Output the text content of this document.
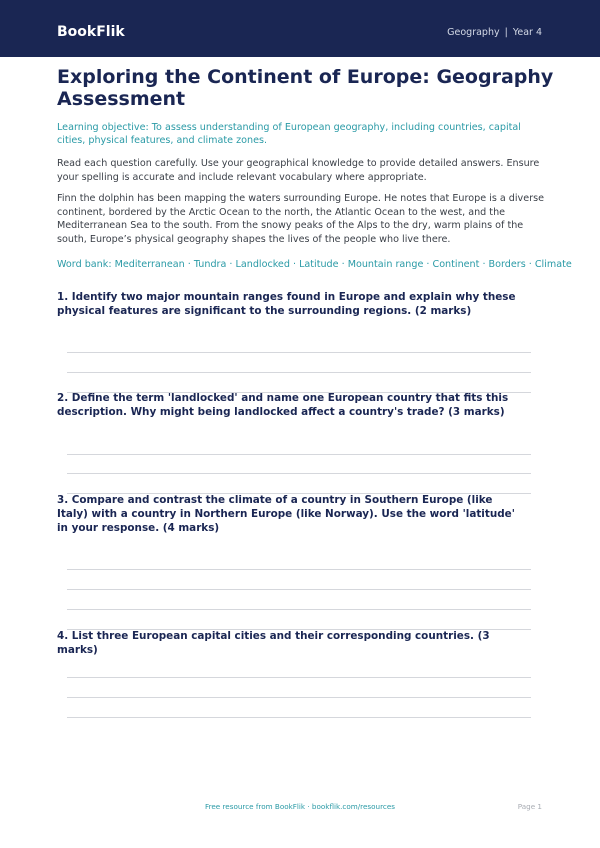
BookFlik	Geography | Year 4
Exploring the Continent of Europe: Geography Assessment

Learning objective: To assess understanding of European geography, including countries, capital cities, physical features, and climate zones.

Read each question carefully. Use your geographical knowledge to provide detailed answers. Ensure your spelling is accurate and include relevant vocabulary where appropriate.

Finn the dolphin has been mapping the waters surrounding Europe. He notes that Europe is a diverse continent, bordered by the Arctic Ocean to the north, the Atlantic Ocean to the west, and the Mediterranean Sea to the south. From the snowy peaks of the Alps to the dry, warm plains of the south, Europe’s physical geography shapes the lives of the people who live there.

Word bank: Mediterranean · Tundra · Landlocked · Latitude · Mountain range · Continent · Borders · Climate

1. Identify two major mountain ranges found in Europe and explain why these physical features are significant to the surrounding regions. (2 marks)

2. Define the term 'landlocked' and name one European country that fits this description. Why might being landlocked affect a country's trade? (3 marks)

3. Compare and contrast the climate of a country in Southern Europe (like Italy) with a country in Northern Europe (like Norway). Use the word 'latitude' in your response. (4 marks)

4. List three European capital cities and their corresponding countries. (3 marks)

Free resource from BookFlik · bookflik.com/resources	Page 1
